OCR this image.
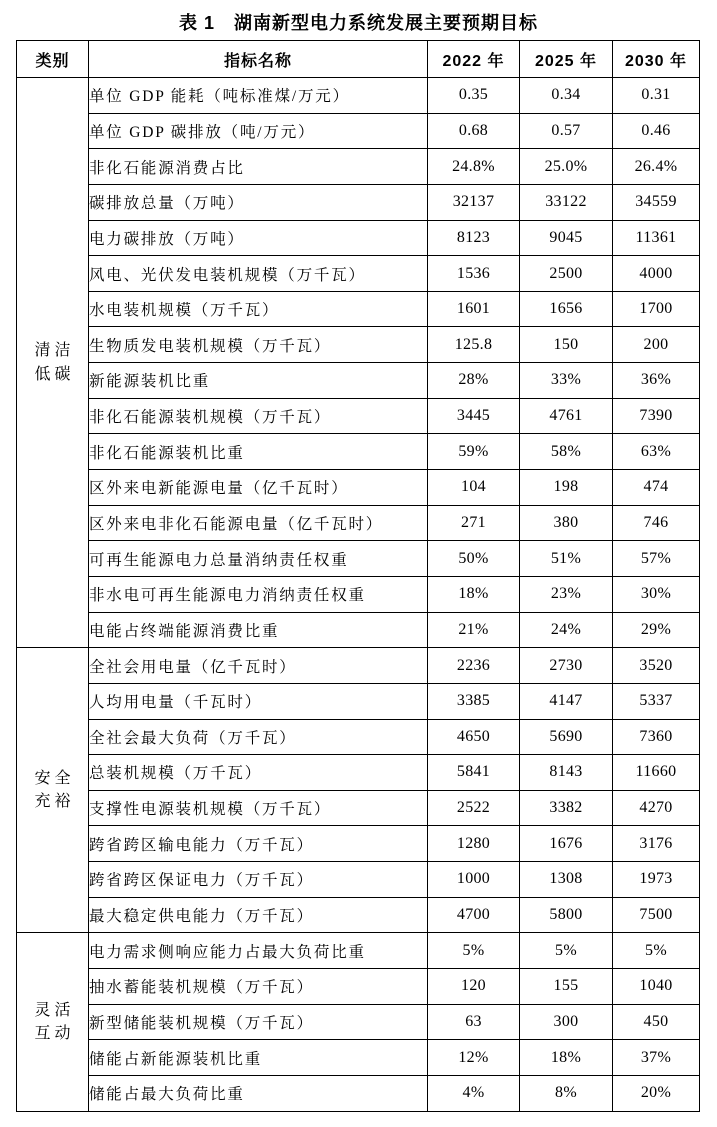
表 1　湖南新型电力系统发展主要预期目标
类别	指标名称	2022 年	2025 年	2030 年

清洁
低碳	单位 GDP 能耗（吨标准煤/万元）	0.35	0.34	0.31
	单位 GDP 碳排放（吨/万元）	0.68	0.57	0.46
	非化石能源消费占比	24.8%	25.0%	26.4%
	碳排放总量（万吨）	32137	33122	34559
	电力碳排放（万吨）	8123	9045	11361
	风电、光伏发电装机规模（万千瓦）	1536	2500	4000
	水电装机规模（万千瓦）	1601	1656	1700
	生物质发电装机规模（万千瓦）	125.8	150	200
	新能源装机比重	28%	33%	36%
	非化石能源装机规模（万千瓦）	3445	4761	7390
	非化石能源装机比重	59%	58%	63%
	区外来电新能源电量（亿千瓦时）	104	198	474
	区外来电非化石能源电量（亿千瓦时）	271	380	746
	可再生能源电力总量消纳责任权重	50%	51%	57%
	非水电可再生能源电力消纳责任权重	18%	23%	30%
	电能占终端能源消费比重	21%	24%	29%

安全
充裕	全社会用电量（亿千瓦时）	2236	2730	3520
	人均用电量（千瓦时）	3385	4147	5337
	全社会最大负荷（万千瓦）	4650	5690	7360
	总装机规模（万千瓦）	5841	8143	11660
	支撑性电源装机规模（万千瓦）	2522	3382	4270
	跨省跨区输电能力（万千瓦）	1280	1676	3176
	跨省跨区保证电力（万千瓦）	1000	1308	1973
	最大稳定供电能力（万千瓦）	4700	5800	7500

灵活
互动	电力需求侧响应能力占最大负荷比重	5%	5%	5%
	抽水蓄能装机规模（万千瓦）	120	155	1040
	新型储能装机规模（万千瓦）	63	300	450
	储能占新能源装机比重	12%	18%	37%
	储能占最大负荷比重	4%	8%	20%
